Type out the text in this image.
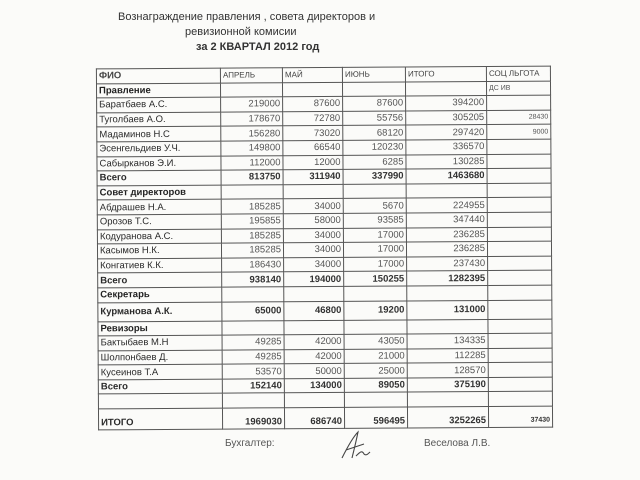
Вознаграждение правления , совета директоров и
ревизионной комисии
за 2 КВАРТАЛ 2012 год
ФИО	АПРЕЛЬ	МАЙ	ИЮНЬ	ИТОГО	СОЦ ЛЬГОТА
Правление					ДС ИВ
Баратбаев А.С.	219000	87600	87600	394200	
Туголбаев А.О.	178670	72780	55756	305205	28430
Мадаминов Н.С	156280	73020	68120	297420	9000
Эсенгельдиев У.Ч.	149800	66540	120230	336570	
Сабырканов Э.И.	112000	12000	6285	130285	
Всего	813750	311940	337990	1463680	
Совет директоров					
Абдрашев Н.А.	185285	34000	5670	224955	
Орозов Т.С.	195855	58000	93585	347440	
Кодуранова А.С.	185285	34000	17000	236285	
Касымов Н.К.	185285	34000	17000	236285	
Конгатиев К.К.	186430	34000	17000	237430	
Всего	938140	194000	150255	1282395	
Секретарь					
Курманова А.К.	65000	46800	19200	131000	
Ревизоры					
Бактыбаев М.Н	49285	42000	43050	134335	
Шолпонбаев Д.	49285	42000	21000	112285	
Кусеинов Т.А	53570	50000	25000	128570	
Всего	152140	134000	89050	375190	

ИТОГО	1969030	686740	596495	3252265	37430
Бухгалтер:	Веселова Л.В.
